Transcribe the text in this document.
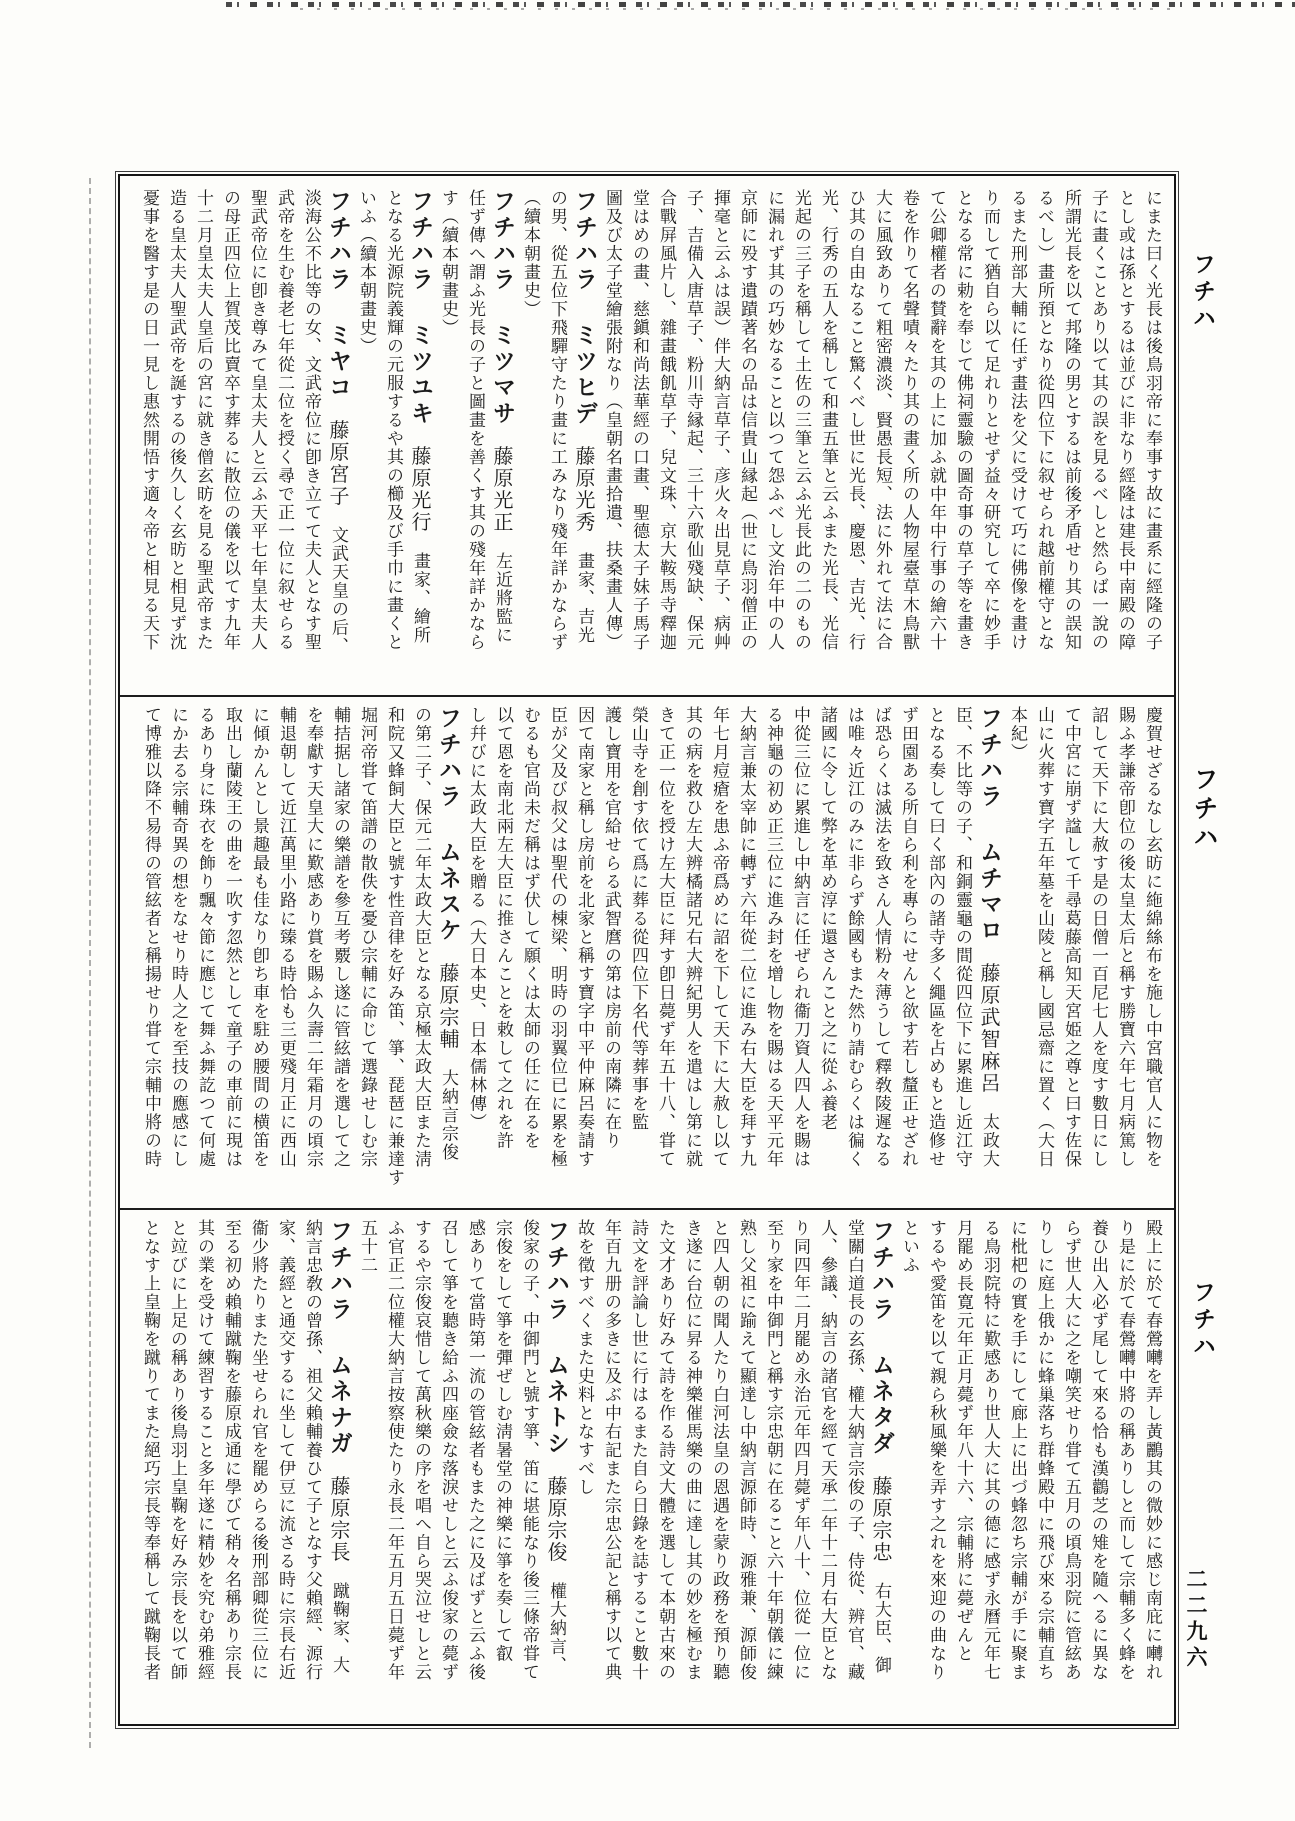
にまた曰く光長は後鳥羽帝に奉事す故に畫系に經隆の子
とし或は孫とするは並びに非なり經隆は建長中南殿の障
子に畫くことあり以て其の誤を見るべしと然らば一說の
所謂光長を以て邦隆の男とするは前後矛盾せり其の誤知
るべし）畫所預となり從四位下に叙せられ越前權守とな
るまた刑部大輔に任ず畫法を父に受けて巧に佛像を畫け
り而して猶自ら以て足れりとせず益々研究して卒に妙手
となる常に勅を奉じて佛祠靈驗の圖奇事の草子等を畫き
て公卿權者の賛辭を其の上に加ふ就中年中行事の繪六十
卷を作りて名聲嘖々たり其の畫く所の人物屋臺草木鳥獸
大に風致ありて粗密濃淡、賢愚長短、法に外れて法に合
ひ其の自由なること驚くべし世に光長、慶恩、吉光、行
光、行秀の五人を稱して和畫五筆と云ふまた光長、光信
光起の三子を稱して土佐の三筆と云ふ光長此の二のもの
に漏れず其の巧妙なること以つて怨ふべし文治年中の人
京師に殁す遺蹟著名の品は信貴山縁起（世に鳥羽僧正の
揮毫と云ふは誤）伴大納言草子、彦火々出見草子、病艸
子、吉備入唐草子、粉川寺縁起、三十六歌仙殘缺、保元
合戰屏風片し、雜畫餓飢草子、兒文珠、京大鞍馬寺釋迦
堂はめの畫、慈鎭和尚法華經の口畫、聖德太子妹子馬子
圖及び太子堂繪張附なり（皇朝名畫拾遺、扶桑畫人傳）
フチハラ ミツヒデ　藤原光秀　畫家、吉光
の男、從五位下飛驒守たり畫に工みなり殘年詳かならず
（續本朝畫史）
フチハラ ミツマサ　藤原光正　左近將監に
任ず傳へ謂ふ光長の子と圖畫を善くす其の殘年詳かなら
す（續本朝畫史）
フチハラ ミツユキ　藤原光行　畫家、繪所
となる光源院義輝の元服するや其の櫛及び手巾に畫くと
いふ（續本朝畫史）
フチハラ ミヤコ　藤原宮子　文武天皇の后、
淡海公不比等の女、文武帝位に卽き立てて夫人となす聖
武帝を生む養老七年從二位を授く尋で正一位に叙せらる
聖武帝位に卽き尊みて皇太夫人と云ふ天平七年皇太夫人
の母正四位上賀茂比賣卒す葬るに散位の儀を以てす九年
十二月皇太夫人皇后の宮に就き僧玄昉を見る聖武帝また
造る皇太夫人聖武帝を誕するの後久しく玄昉と相見ず沈
憂事を醫す是の日一見し惠然開悟す適々帝と相見る天下
慶賀せざるなし玄昉に絁綿絲布を施し中宮職官人に物を
賜ふ孝謙帝卽位の後太皇太后と稱す勝寶六年七月病篤し
詔して天下に大赦す是の日僧一百尼七人を度す數日にし
て中宮に崩ず諡して千尋葛藤高知天宮姫之尊と曰す佐保
山に火葬す寶字五年墓を山陵と稱し國忌齋に置く（大日
本紀）
フチハラ ムチマロ　藤原武智麻呂　太政大
臣、不比等の子、和銅靈龜の間從四位下に累進し近江守
となる奏して曰く部內の諸寺多く繩區を占めもと造修せ
ず田園ある所自ら利を專らにせんと欲す若し釐正せざれ
ば恐らくは滅法を致さん人情粉々薄うして釋敎陵遲なる
は唯々近江のみに非らず餘國もまた然り請むらくは徧く
諸國に令して弊を革め淳に還さんこと之に從ふ養老
中從三位に累進し中納言に任ぜられ衞刀資人四人を賜は
る神龜の初め正三位に進み封を增し物を賜はる天平元年
大納言兼太宰帥に轉ず六年從二位に進み右大臣を拜す九
年七月痘瘡を患ふ帝爲めに詔を下して天下に大赦し以て
其の病を救ひ左大辨橘諸兄右大辨紀男人を遣はし第に就
きて正一位を授け左大臣に拜す卽日薨ず年五十八、甞て
榮山寺を創す依て爲に葬る從四位下名代等葬事を監
護し寶用を官給せらる武智麿の第は房前の南隣に在り
因て南家と稱し房前を北家と稱す寶字中平仲麻呂奏請す
臣が父及び叔父は聖代の棟梁、明時の羽翼位已に累を極
むるも官尚未だ稱はず伏して願くは太師の任に在るを
以て恩を南北兩左大臣に推さんことを敕して之れを許
し幷びに太政大臣を贈る（大日本史、日本儒林傳）
フチハラ ムネスケ　藤原宗輔　大納言宗俊
の第二子、保元二年太政大臣となる京極太政大臣また淸
和院又蜂飼大臣と號す性音律を好み笛、箏、琵琶に兼達す
堀河帝甞て笛譜の散佚を憂ひ宗輔に命じて選錄せしむ宗
輔拮据し諸家の樂譜を參互考覈し遂に管絃譜を選して之
を奉獻す天皇大に歎感あり賞を賜ふ久壽二年霜月の頃宗
輔退朝して近江萬里小路に臻る時恰も三更殘月正に西山
に傾かんとし景趣最も佳なり卽ち車を駐め腰間の横笛を
取出し蘭陵王の曲を一吹す忽然として童子の車前に現は
るあり身に珠衣を飾り飄々節に應じて舞ふ舞訖つて何處
にか去る宗輔奇異の想をなせり時人之を至技の應感にし
て博雅以降不易得の管絃者と稱揚せり甞て宗輔中將の時
殿上に於て春鶯囀を弄し黃鸝其の微妙に感じ南庇に囀れ
り是に於て春鶯囀中將の稱ありしと而して宗輔多く蜂を
養ひ出入必ず尾して來る恰も漢鸛芝の雉を隨へるに異な
らず世人大に之を嘲笑せり甞て五月の頃鳥羽院に管絃あ
りしに庭上俄かに蜂巢落ち群蜂殿中に飛び來る宗輔直ち
に枇杷の實を手にして廊上に出づ蜂忽ち宗輔が手に聚ま
る鳥羽院特に歎感あり世人大に其の德に感ず永曆元年七
月罷め長寛元年正月薨ず年八十六、宗輔將に薨ぜんと
するや愛笛を以て親ら秋風樂を弄す之れを來迎の曲なり
といふ
フチハラ ムネタダ　藤原宗忠　右大臣、御
堂關白道長の玄孫、權大納言宗俊の子、侍從、辨官、藏
人、參議、納言の諸官を經て天承二年十二月右大臣とな
り同四年二月罷め永治元年四月薨ず年八十、位從一位に
至り家を中御門と稱す宗忠朝に在ること六十年朝儀に練
熟し父祖に踰えて顯達し中納言源師時、源雅兼、源師俊
と四人朝の聞人たり白河法皇の恩遇を蒙り政務を預り聽
き遂に台位に昇る神樂催馬樂の曲に達し其の妙を極むま
た文才あり好みて詩を作る詩文大體を選して本朝古來の
詩文を評論し世に行はるまた自ら日錄を誌すること數十
年百九册の多きに及ぶ中右記また宗忠公記と稱す以て典
故を徵すべくまた史料となすべし
フチハラ ムネトシ　藤原宗俊　權大納言、
俊家の子、中御門と號す箏、笛に堪能なり後三條帝甞て
宗俊をして箏を彈ぜしむ淸暑堂の神樂に箏を奏して叡
感ありて當時第一流の管絃者もまた之に及ばずと云ふ後
召して箏を聽き給ふ四座僉な落淚せしと云ふ俊家の薨ず
するや宗俊哀惜して萬秋樂の序を唱へ自ら哭泣せしと云
ふ官正二位權大納言按察使たり永長二年五月五日薨ず年
五十二
フチハラ ムネナガ　藤原宗長　蹴鞠家、大
納言忠敎の曾孫、祖父賴輔養ひて子となす父賴經、源行
家、義經と通交するに坐して伊豆に流さる時に宗長右近
衞少將たりまた坐せられ官を罷めらる後刑部卿從三位に
至る初め賴輔蹴鞠を藤原成通に學びて稍々名稱あり宗長
其の業を受けて練習すること多年遂に精妙を究む弟雅經
と竝びに上足の稱あり後鳥羽上皇鞠を好み宗長を以て師
となす上皇鞠を蹴りてまた絕巧宗長等奉稱して蹴鞠長者
フチハ
フチハ
フチハ
二二九六
